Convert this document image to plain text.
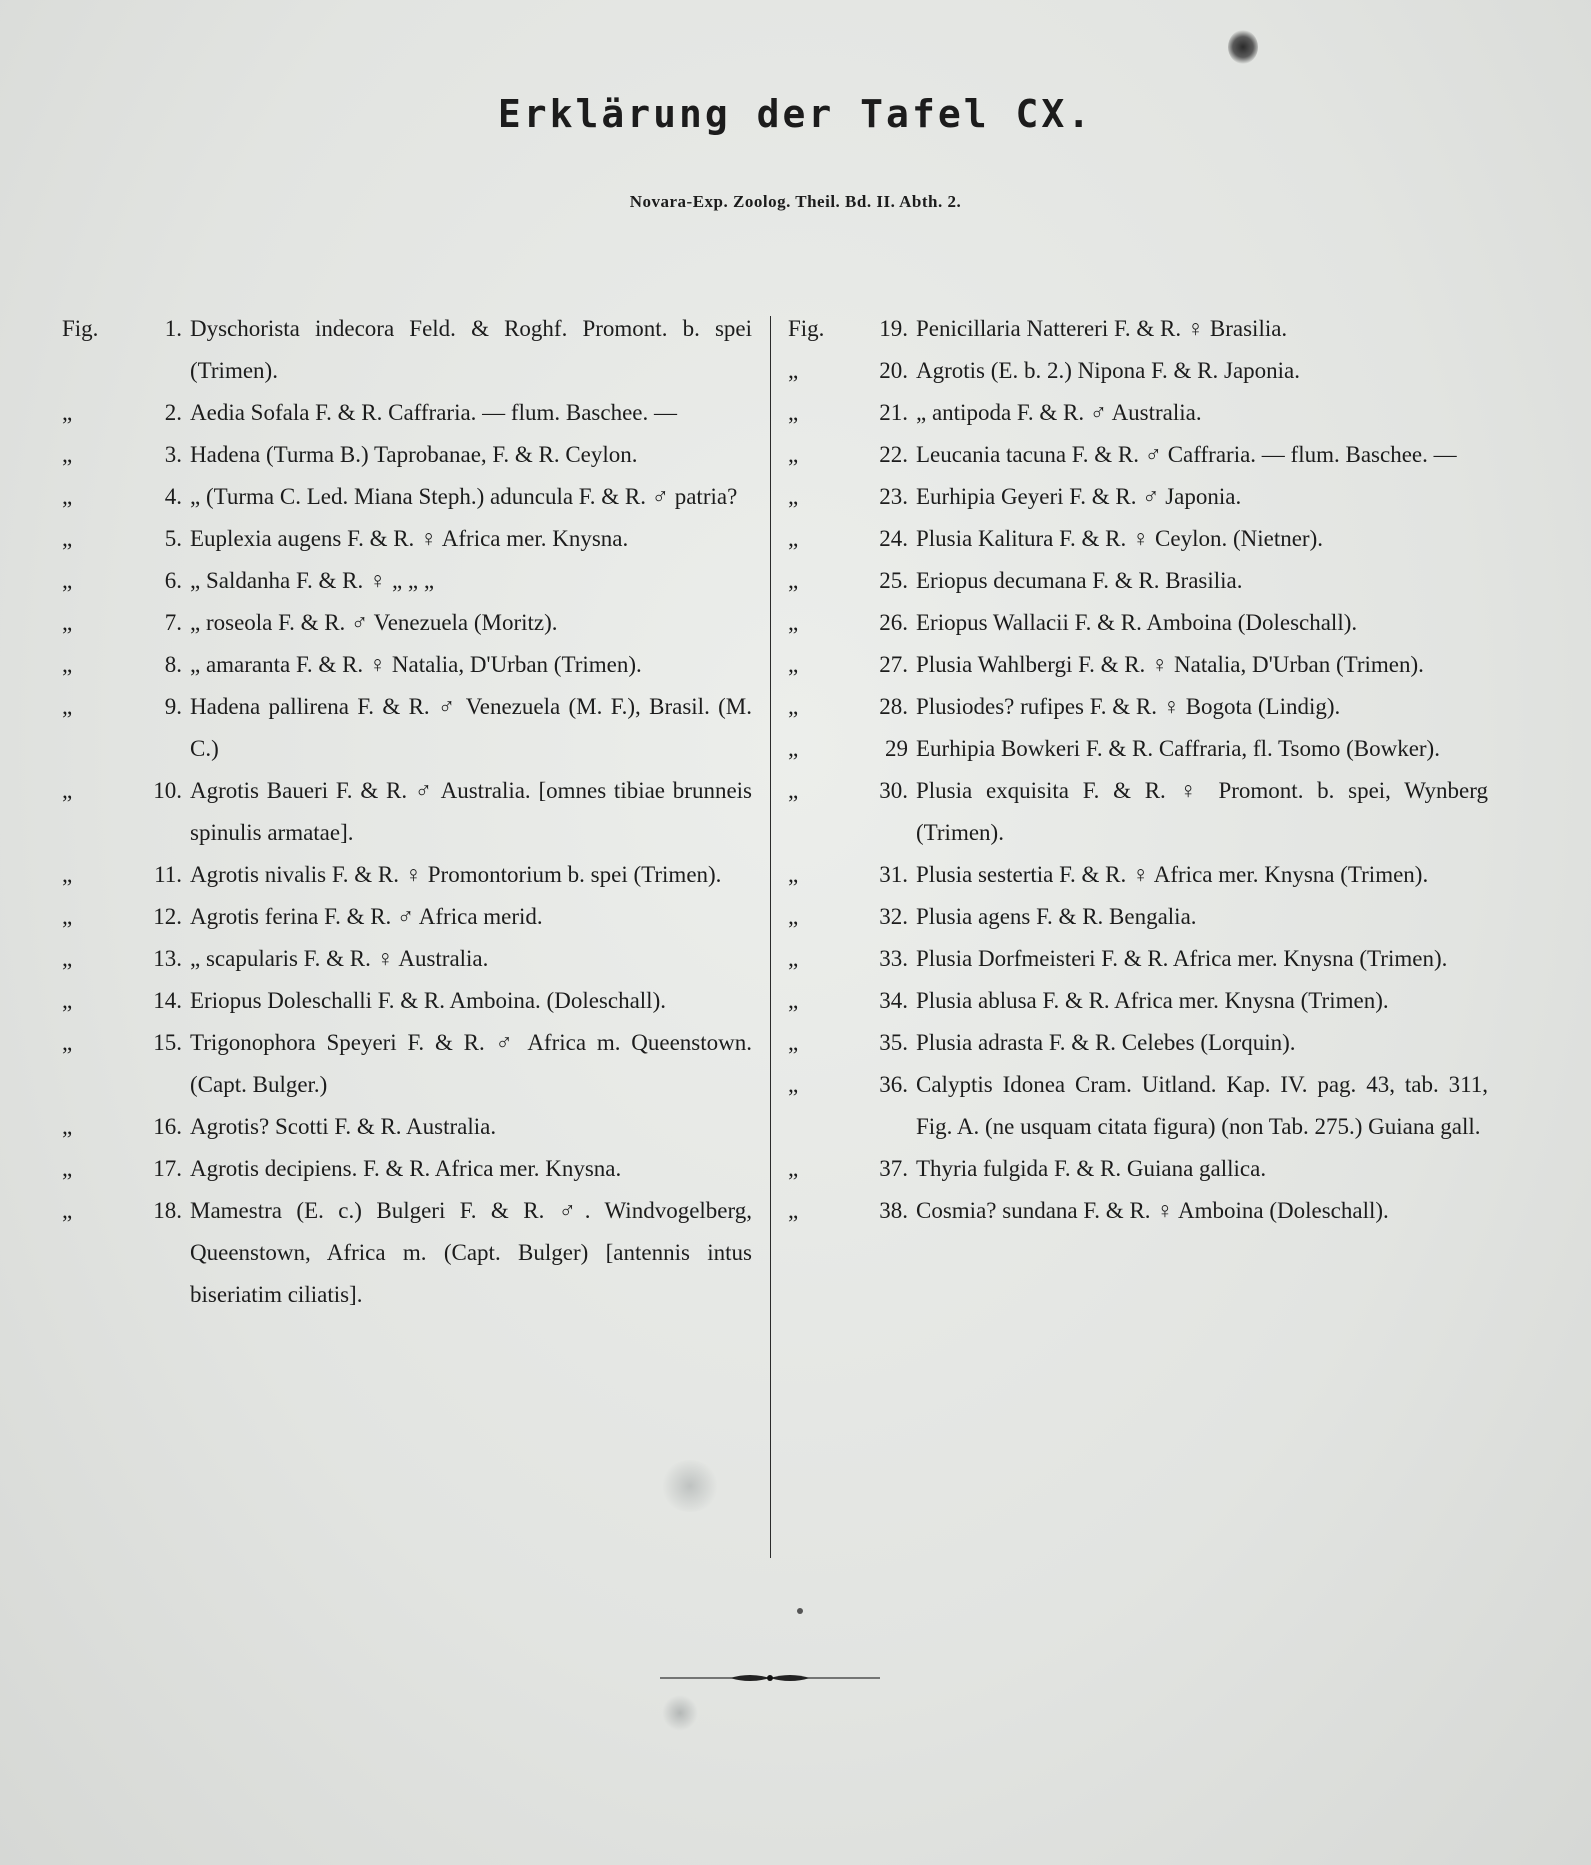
Erklärung der Tafel CX.
Novara-Exp. Zoolog. Theil. Bd. II. Abth. 2.
Fig.	1. Dyschorista indecora Feld. & Roghf. Promont. b. spei (Trimen).
„	2. Aedia Sofala F. & R. Caffraria. — flum. Baschee. —
„	3. Hadena (Turma B.) Taprobanae, F. & R. Ceylon.
„	4. „ (Turma C. Led. Miana Steph.) aduncula F. & R. ♂ patria?
„	5. Euplexia augens F. & R. ♀ Africa mer. Knysna.
„	6. „ Saldanha F. & R. ♀ „ „ „
„	7. „ roseola F. & R. ♂ Venezuela (Moritz).
„	8. „ amaranta F. & R. ♀ Natalia, D'Urban (Trimen).
„	9. Hadena pallirena F. & R. ♂ Venezuela (M. F.), Brasil. (M. C.)
„	10. Agrotis Baueri F. & R. ♂ Australia. [omnes tibiae brunneis spinulis armatae].
„	11. Agrotis nivalis F. & R. ♀ Promontorium b. spei (Trimen).
„	12. Agrotis ferina F. & R. ♂ Africa merid.
„	13. „ scapularis F. & R. ♀ Australia.
„	14. Eriopus Doleschalli F. & R. Amboina. (Doleschall).
„	15. Trigonophora Speyeri F. & R. ♂ Africa m. Queenstown. (Capt. Bulger.)
„	16. Agrotis? Scotti F. & R. Australia.
„	17. Agrotis decipiens. F. & R. Africa mer. Knysna.
„	18. Mamestra (E. c.) Bulgeri F. & R. ♂. Windvogelberg, Queenstown, Africa m. (Capt. Bulger) [antennis intus biseriatim ciliatis].
Fig.	19. Penicillaria Nattereri F. & R. ♀ Brasilia.
„	20. Agrotis (E. b. 2.) Nipona F. & R. Japonia.
„	21. „ antipoda F. & R. ♂ Australia.
„	22. Leucania tacuna F. & R. ♂ Caffraria. — flum. Baschee. —
„	23. Eurhipia Geyeri F. & R. ♂ Japonia.
„	24. Plusia Kalitura F. & R. ♀ Ceylon. (Nietner).
„	25. Eriopus decumana F. & R. Brasilia.
„	26. Eriopus Wallacii F. & R. Amboina (Doleschall).
„	27. Plusia Wahlbergi F. & R. ♀ Natalia, D'Urban (Trimen).
„	28. Plusiodes? rufipes F. & R. ♀ Bogota (Lindig).
„	29 Eurhipia Bowkeri F. & R. Caffraria, fl. Tsomo (Bowker).
„	30. Plusia exquisita F. & R. ♀ Promont. b. spei, Wynberg (Trimen).
„	31. Plusia sestertia F. & R. ♀ Africa mer. Knysna (Trimen).
„	32. Plusia agens F. & R. Bengalia.
„	33. Plusia Dorfmeisteri F. & R. Africa mer. Knysna (Trimen).
„	34. Plusia ablusa F. & R. Africa mer. Knysna (Trimen).
„	35. Plusia adrasta F. & R. Celebes (Lorquin).
„	36. Calyptis Idonea Cram. Uitland. Kap. IV. pag. 43, tab. 311, Fig. A. (ne usquam citata figura) (non Tab. 275.) Guiana gall.
„	37. Thyria fulgida F. & R. Guiana gallica.
„	38. Cosmia? sundana F. & R. ♀ Amboina (Doleschall).
